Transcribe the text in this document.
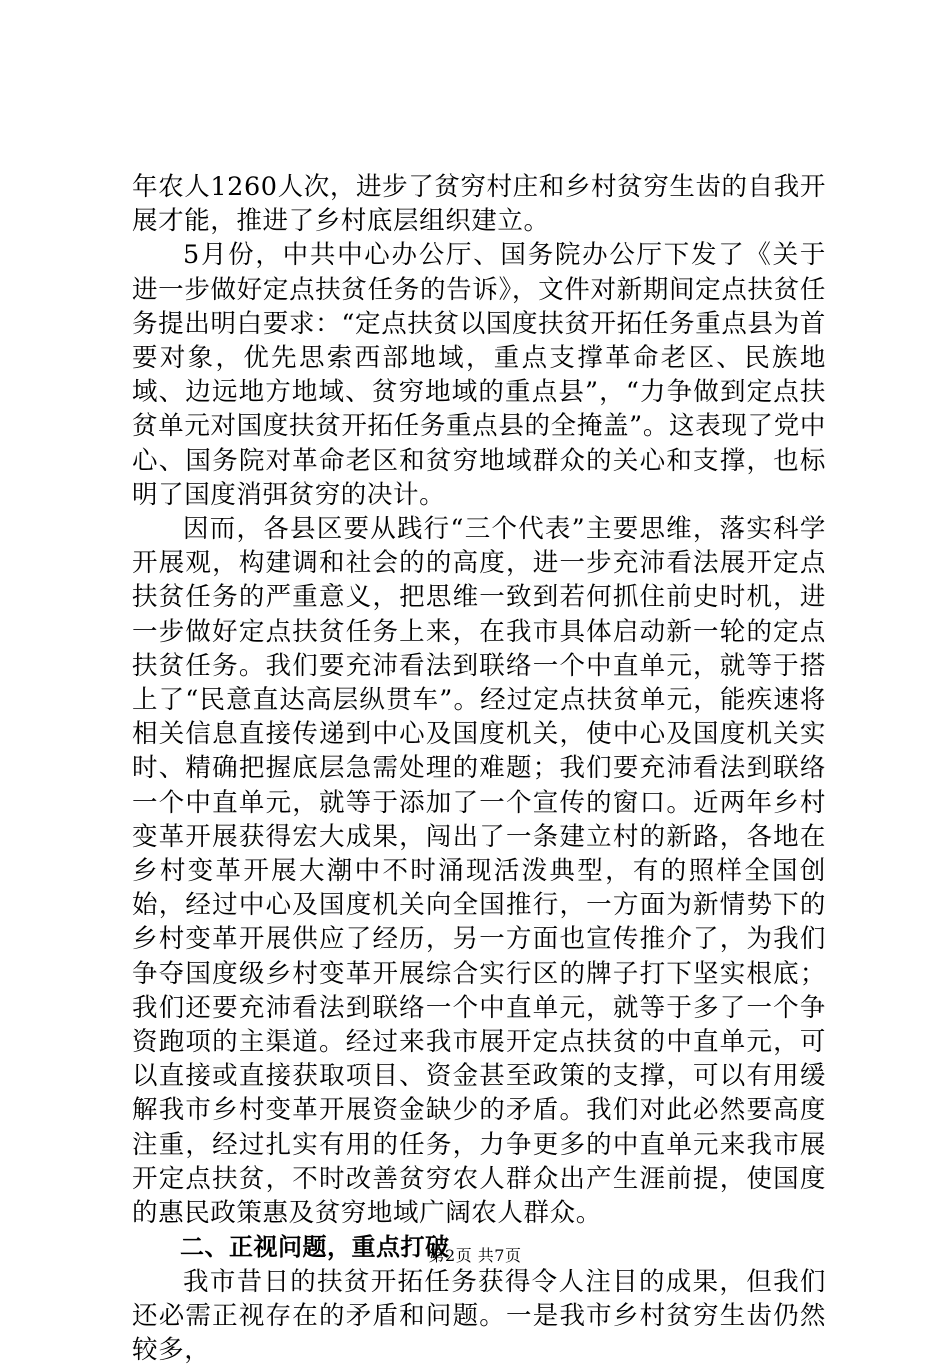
年农人1260人次，进步了贫穷村庄和乡村贫穷生齿的自我开展才能，推进了乡村底层组织建立。

5月份，中共中心办公厅、国务院办公厅下发了《关于进一步做好定点扶贫任务的告诉》，文件对新期间定点扶贫任务提出明白要求：“定点扶贫以国度扶贫开拓任务重点县为首要对象，优先思索西部地域，重点支撑革命老区、民族地域、边远地方地域、贫穷地域的重点县”，“力争做到定点扶贫单元对国度扶贫开拓任务重点县的全掩盖”。这表现了党中心、国务院对革命老区和贫穷地域群众的关心和支撑，也标明了国度消弭贫穷的决计。

因而，各县区要从践行“三个代表”主要思维，落实科学开展观，构建调和社会的的高度，进一步充沛看法展开定点扶贫任务的严重意义，把思维一致到若何抓住前史时机，进一步做好定点扶贫任务上来，在我市具体启动新一轮的定点扶贫任务。我们要充沛看法到联络一个中直单元，就等于搭上了“民意直达高层纵贯车”。经过定点扶贫单元，能疾速将相关信息直接传递到中心及国度机关，使中心及国度机关实时、精确把握底层急需处理的难题；我们要充沛看法到联络一个中直单元，就等于添加了一个宣传的窗口。近两年乡村变革开展获得宏大成果，闯出了一条建立村的新路，各地在乡村变革开展大潮中不时涌现活泼典型，有的照样全国创始，经过中心及国度机关向全国推行，一方面为新情势下的乡村变革开展供应了经历，另一方面也宣传推介了，为我们争夺国度级乡村变革开展综合实行区的牌子打下坚实根底；我们还要充沛看法到联络一个中直单元，就等于多了一个争资跑项的主渠道。经过来我市展开定点扶贫的中直单元，可以直接或直接获取项目、资金甚至政策的支撑，可以有用缓解我市乡村变革开展资金缺少的矛盾。我们对此必然要高度注重，经过扎实有用的任务，力争更多的中直单元来我市展开定点扶贫，不时改善贫穷农人群众出产生涯前提，使国度的惠民政策惠及贫穷地域广阔农人群众。

二、正视问题，重点打破

我市昔日的扶贫开拓任务获得令人注目的成果，但我们还必需正视存在的矛盾和问题。一是我市乡村贫穷生齿仍然较多，

第2页 共7页
